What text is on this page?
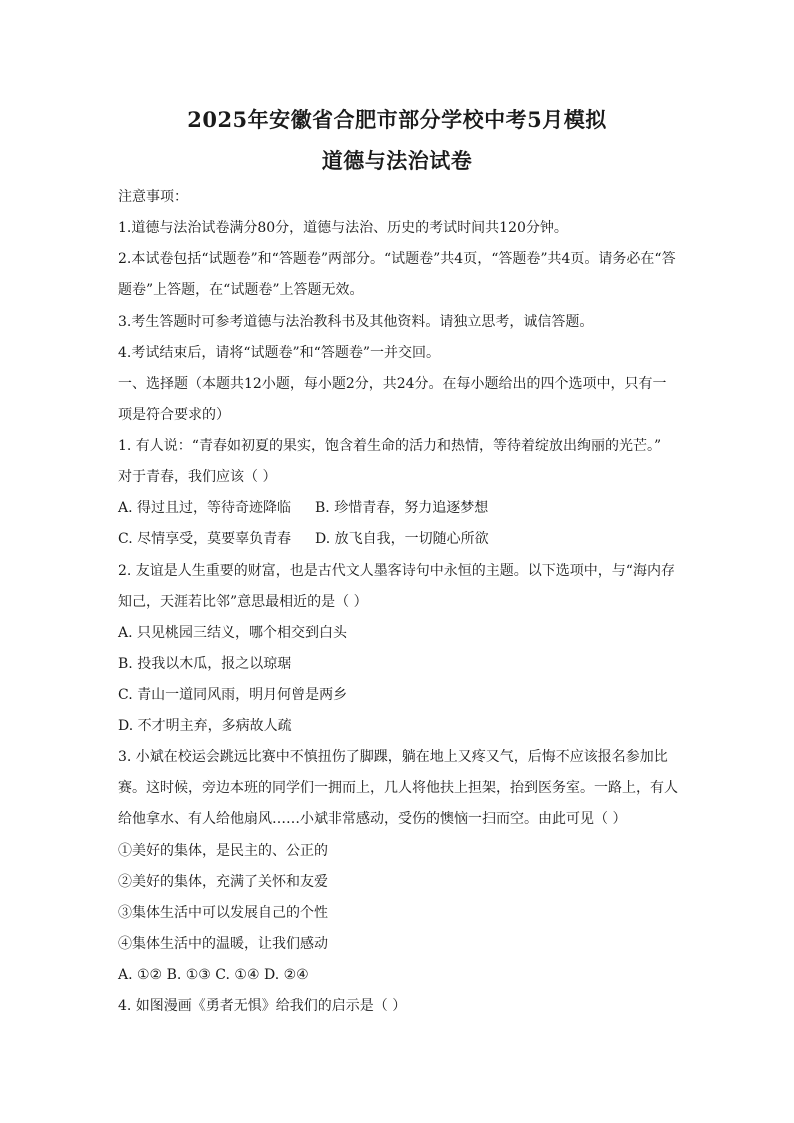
2025年安徽省合肥市部分学校中考5月模拟
道德与法治试卷
注意事项：
1.道德与法治试卷满分80分，道德与法治、历史的考试时间共120分钟。
2.本试卷包括“试题卷”和“答题卷”两部分。“试题卷”共4页，“答题卷”共4页。请务必在“答
题卷”上答题，在“试题卷”上答题无效。
3.考生答题时可参考道德与法治教科书及其他资料。请独立思考，诚信答题。
4.考试结束后，请将“试题卷”和“答题卷”一并交回。
一、选择题（本题共12小题，每小题2分，共24分。在每小题给出的四个选项中，只有一
项是符合要求的）
1. 有人说：“青春如初夏的果实，饱含着生命的活力和热情，等待着绽放出绚丽的光芒。”
对于青春，我们应该（ ）
A. 得过且过，等待奇迹降临 B. 珍惜青春，努力追逐梦想
C. 尽情享受，莫要辜负青春 D. 放飞自我，一切随心所欲
2. 友谊是人生重要的财富，也是古代文人墨客诗句中永恒的主题。以下选项中，与“海内存
知己，天涯若比邻”意思最相近的是（ ）
A. 只见桃园三结义，哪个相交到白头
B. 投我以木瓜，报之以琼琚
C. 青山一道同风雨，明月何曾是两乡
D. 不才明主弃，多病故人疏
3. 小斌在校运会跳远比赛中不慎扭伤了脚踝，躺在地上又疼又气，后悔不应该报名参加比
赛。这时候，旁边本班的同学们一拥而上，几人将他扶上担架，抬到医务室。一路上，有人
给他拿水、有人给他扇风……小斌非常感动，受伤的懊恼一扫而空。由此可见（ ）
①美好的集体，是民主的、公正的
②美好的集体，充满了关怀和友爱
③集体生活中可以发展自己的个性
④集体生活中的温暖，让我们感动
A. ①② B. ①③ C. ①④ D. ②④
4. 如图漫画《勇者无惧》给我们的启示是（ ）
